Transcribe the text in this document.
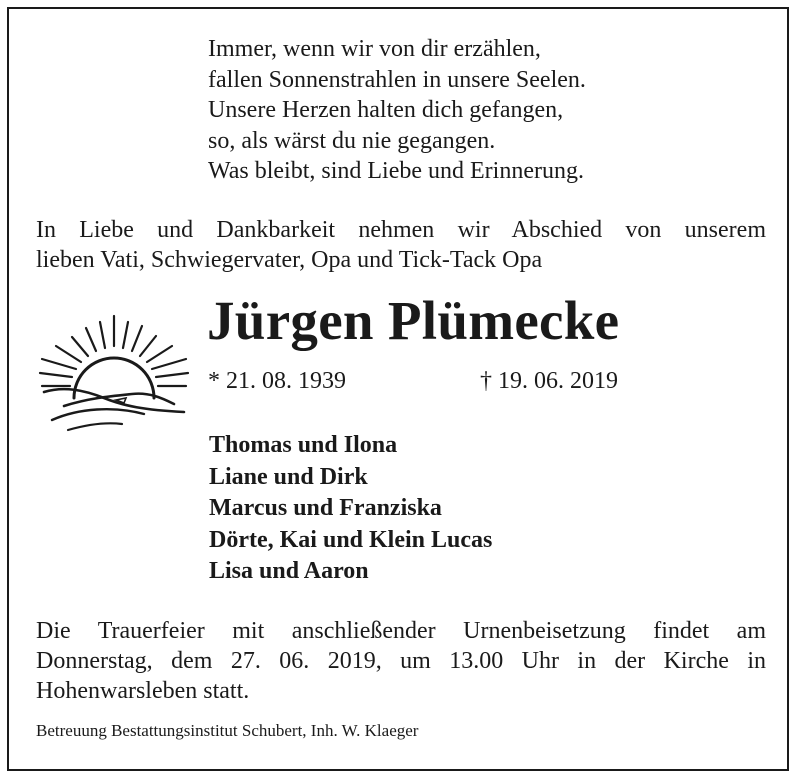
Immer, wenn wir von dir erzählen,
fallen Sonnenstrahlen in unsere Seelen.
Unsere Herzen halten dich gefangen,
so, als wärst du nie gegangen.
Was bleibt, sind Liebe und Erinnerung.
In Liebe und Dankbarkeit nehmen wir Abschied von unserem
lieben Vati, Schwiegervater, Opa und Tick-Tack Opa
Jürgen Plümecke
* 21. 08. 1939	† 19. 06. 2019
Thomas und Ilona
Liane und Dirk
Marcus und Franziska
Dörte, Kai und Klein Lucas
Lisa und Aaron
Die Trauerfeier mit anschließender Urnenbeisetzung findet am
Donnerstag, dem 27. 06. 2019, um 13.00 Uhr in der Kirche in
Hohenwarsleben statt.
Betreuung Bestattungsinstitut Schubert, Inh. W. Klaeger
